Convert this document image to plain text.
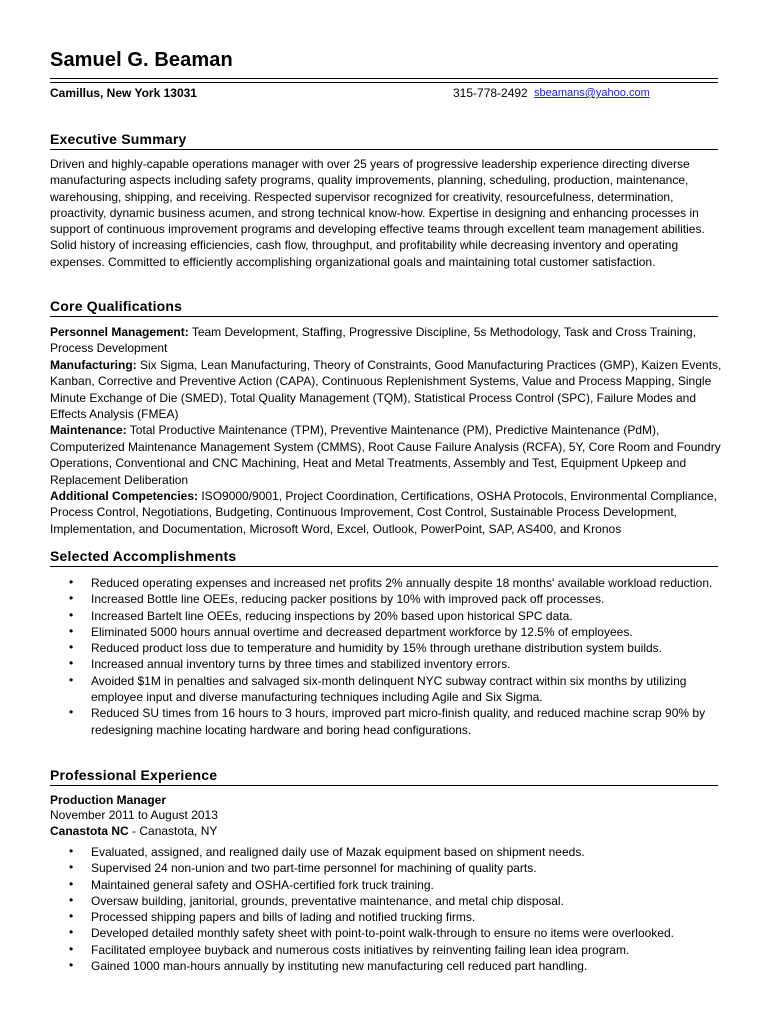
Samuel G. Beaman
Camillus, New York 13031	315-778-2492 sbeamans@yahoo.com
Executive Summary

Driven and highly-capable operations manager with over 25 years of progressive leadership experience directing diverse manufacturing aspects including safety programs, quality improvements, planning, scheduling, production, maintenance, warehousing, shipping, and receiving. Respected supervisor recognized for creativity, resourcefulness, determination, proactivity, dynamic business acumen, and strong technical know-how. Expertise in designing and enhancing processes in support of continuous improvement programs and developing effective teams through excellent team management abilities. Solid history of increasing efficiencies, cash flow, throughput, and profitability while decreasing inventory and operating expenses. Committed to efficiently accomplishing organizational goals and maintaining total customer satisfaction.

Core Qualifications

Personnel Management: Team Development, Staffing, Progressive Discipline, 5s Methodology, Task and Cross Training, Process Development

Manufacturing: Six Sigma, Lean Manufacturing, Theory of Constraints, Good Manufacturing Practices (GMP), Kaizen Events, Kanban, Corrective and Preventive Action (CAPA), Continuous Replenishment Systems, Value and Process Mapping, Single Minute Exchange of Die (SMED), Total Quality Management (TQM), Statistical Process Control (SPC), Failure Modes and Effects Analysis (FMEA)

Maintenance: Total Productive Maintenance (TPM), Preventive Maintenance (PM), Predictive Maintenance (PdM), Computerized Maintenance Management System (CMMS), Root Cause Failure Analysis (RCFA), 5Y, Core Room and Foundry Operations, Conventional and CNC Machining, Heat and Metal Treatments, Assembly and Test, Equipment Upkeep and Replacement Deliberation

Additional Competencies: ISO9000/9001, Project Coordination, Certifications, OSHA Protocols, Environmental Compliance, Process Control, Negotiations, Budgeting, Continuous Improvement, Cost Control, Sustainable Process Development, Implementation, and Documentation, Microsoft Word, Excel, Outlook, PowerPoint, SAP, AS400, and Kronos

Selected Accomplishments
• Reduced operating expenses and increased net profits 2% annually despite 18 months' available workload reduction.
• Increased Bottle line OEEs, reducing packer positions by 10% with improved pack off processes.
• Increased Bartelt line OEEs, reducing inspections by 20% based upon historical SPC data.
• Eliminated 5000 hours annual overtime and decreased department workforce by 12.5% of employees.
• Reduced product loss due to temperature and humidity by 15% through urethane distribution system builds.
• Increased annual inventory turns by three times and stabilized inventory errors.
• Avoided $1M in penalties and salvaged six-month delinquent NYC subway contract within six months by utilizing employee input and diverse manufacturing techniques including Agile and Six Sigma.
• Reduced SU times from 16 hours to 3 hours, improved part micro-finish quality, and reduced machine scrap 90% by redesigning machine locating hardware and boring head configurations.
Professional Experience
Production Manager
November 2011 to August 2013
Canastota NC - Canastota, NY
• Evaluated, assigned, and realigned daily use of Mazak equipment based on shipment needs.
• Supervised 24 non-union and two part-time personnel for machining of quality parts.
• Maintained general safety and OSHA-certified fork truck training.
• Oversaw building, janitorial, grounds, preventative maintenance, and metal chip disposal.
• Processed shipping papers and bills of lading and notified trucking firms.
• Developed detailed monthly safety sheet with point-to-point walk-through to ensure no items were overlooked.
• Facilitated employee buyback and numerous costs initiatives by reinventing failing lean idea program.
• Gained 1000 man-hours annually by instituting new manufacturing cell reduced part handling.
